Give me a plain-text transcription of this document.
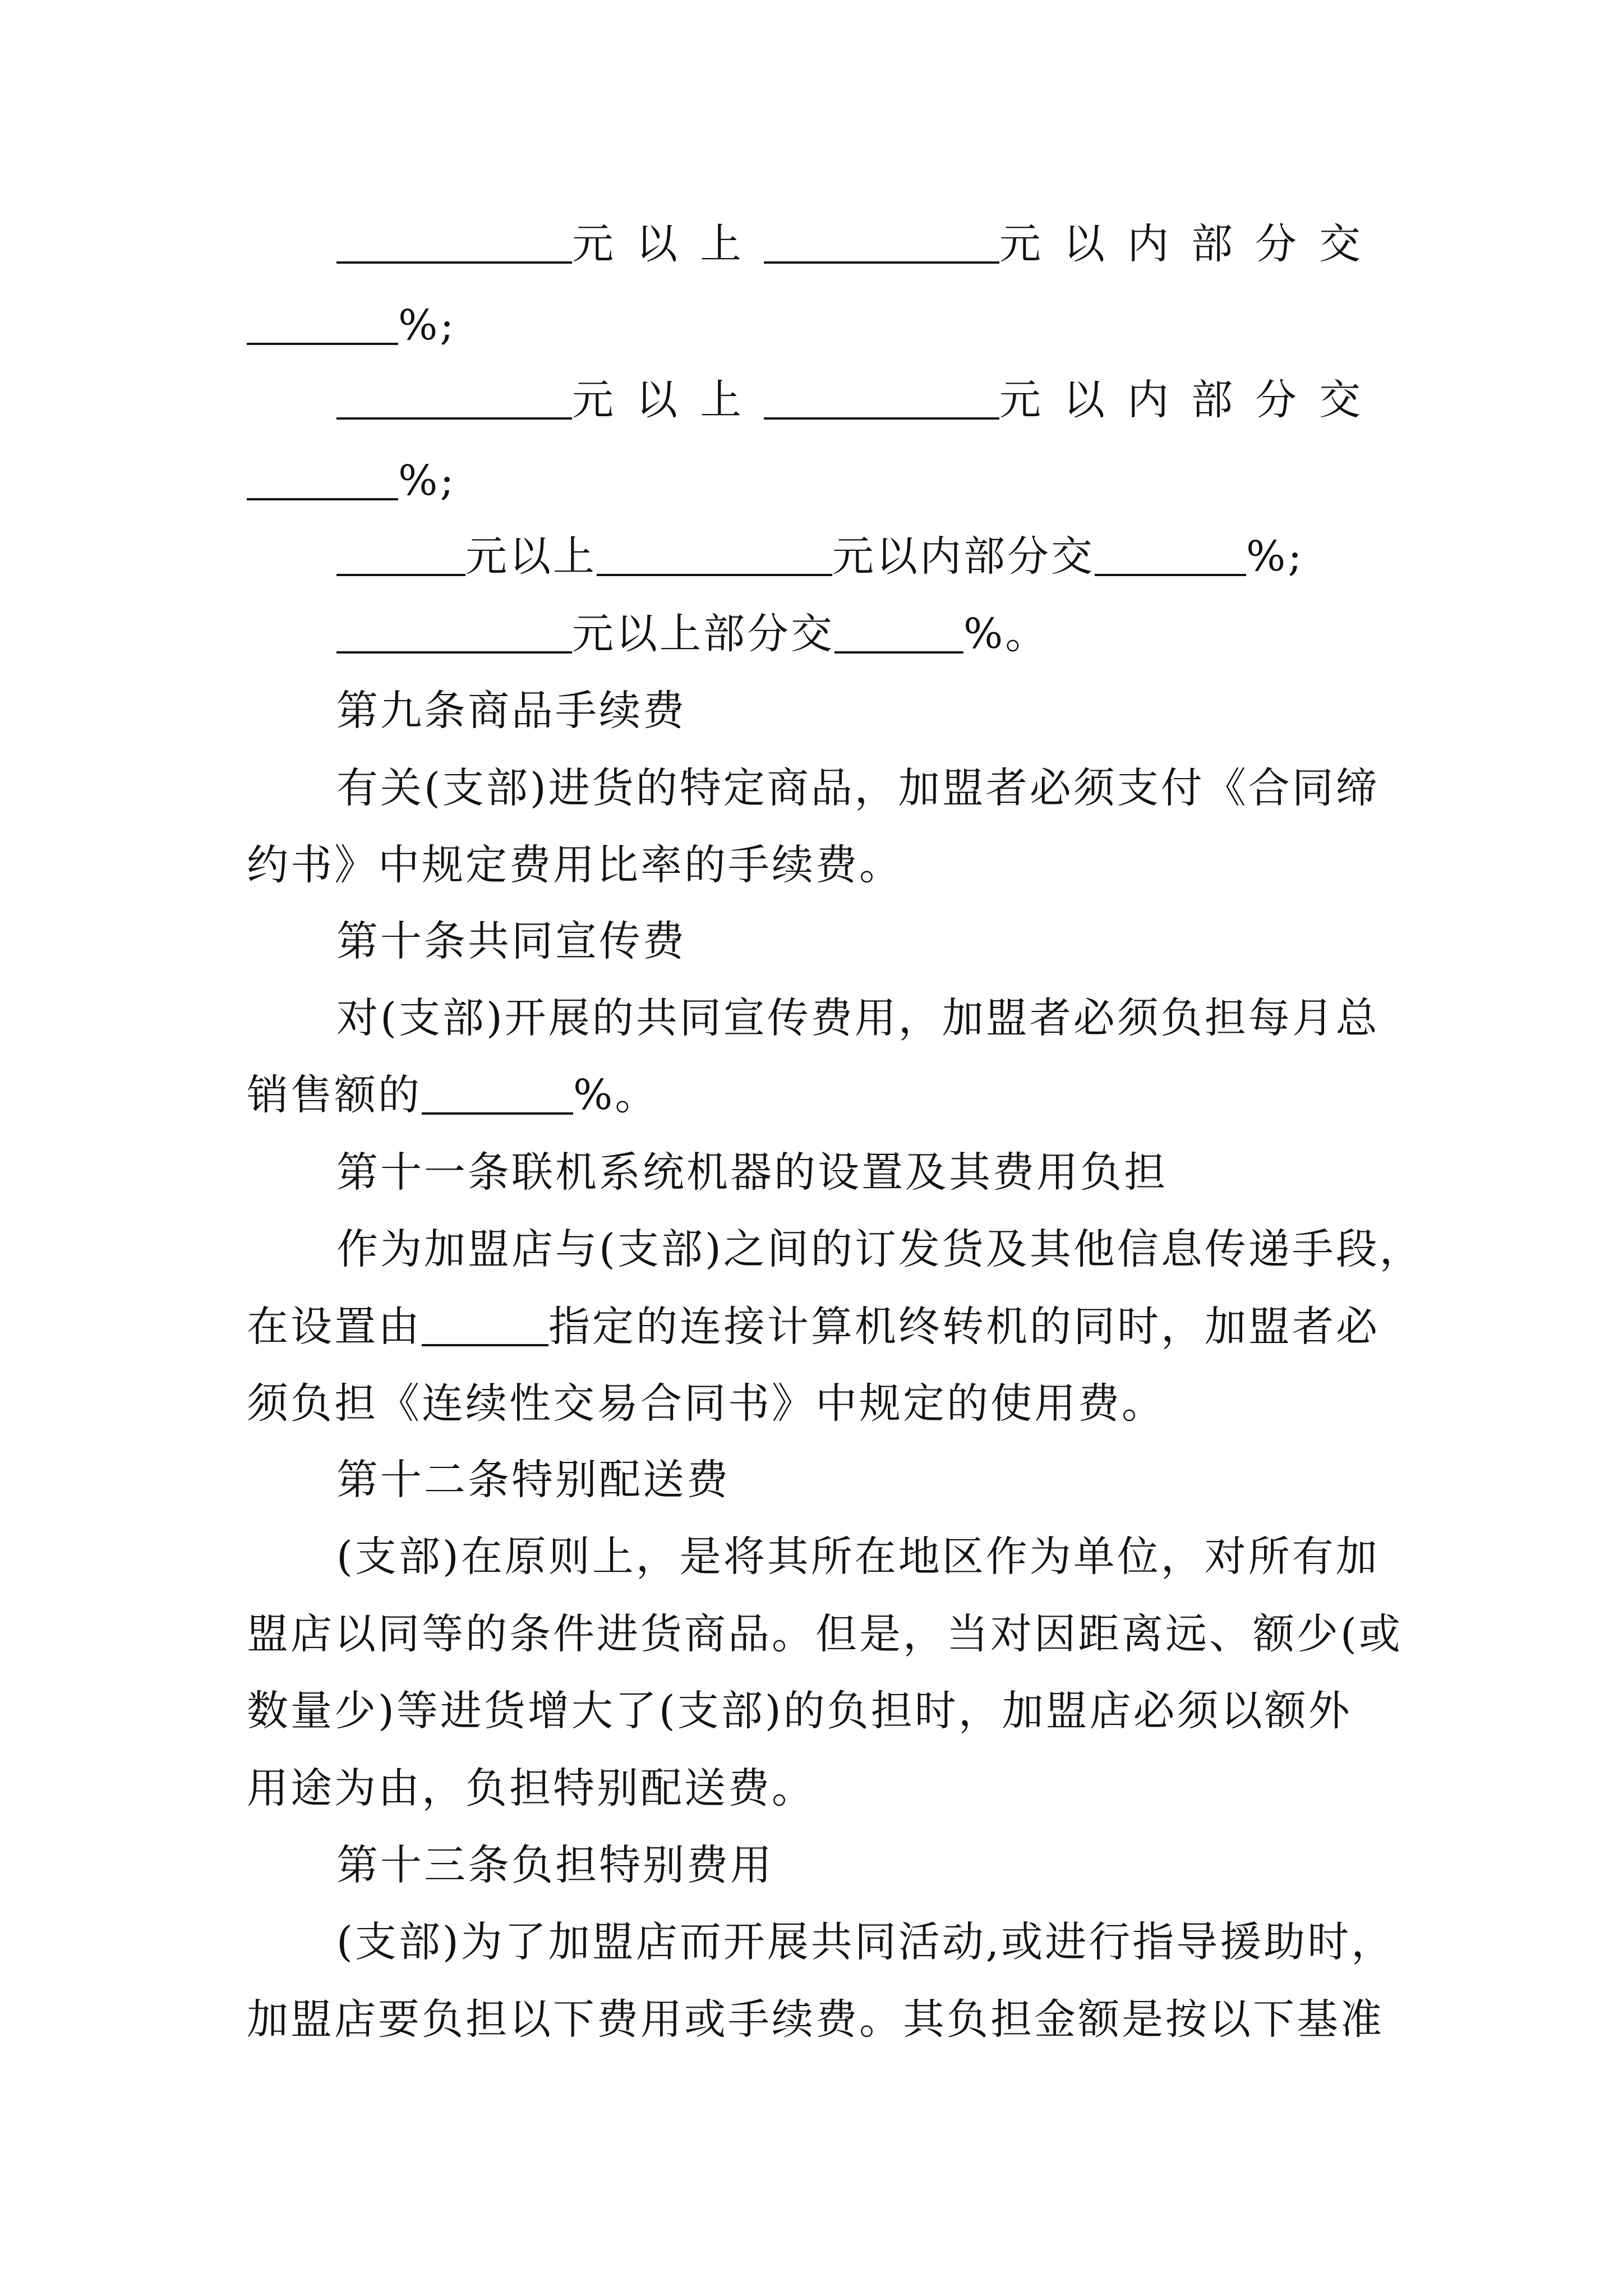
元以上	元以内部分交
%;
元以上	元以内部分交
%;
元以上	元以内部分交	%;
元以上部分交	%。
第九条商品手续费
有关(支部)进货的特定商品，加盟者必须支付《合同缔
约书》中规定费用比率的手续费。
第十条共同宣传费
对(支部)开展的共同宣传费用，加盟者必须负担每月总
销售额的	%。
第十一条联机系统机器的设置及其费用负担
作为加盟店与(支部)之间的订发货及其他信息传递手段，
在设置由	指定的连接计算机终转机的同时，加盟者必
须负担《连续性交易合同书》中规定的使用费。
第十二条特别配送费
(支部)在原则上，是将其所在地区作为单位，对所有加
盟店以同等的条件进货商品。但是，当对因距离远、额少(或
数量少)等进货增大了(支部)的负担时，加盟店必须以额外
用途为由，负担特别配送费。
第十三条负担特别费用
(支部)为了加盟店而开展共同活动,或进行指导援助时，
加盟店要负担以下费用或手续费。其负担金额是按以下基准
